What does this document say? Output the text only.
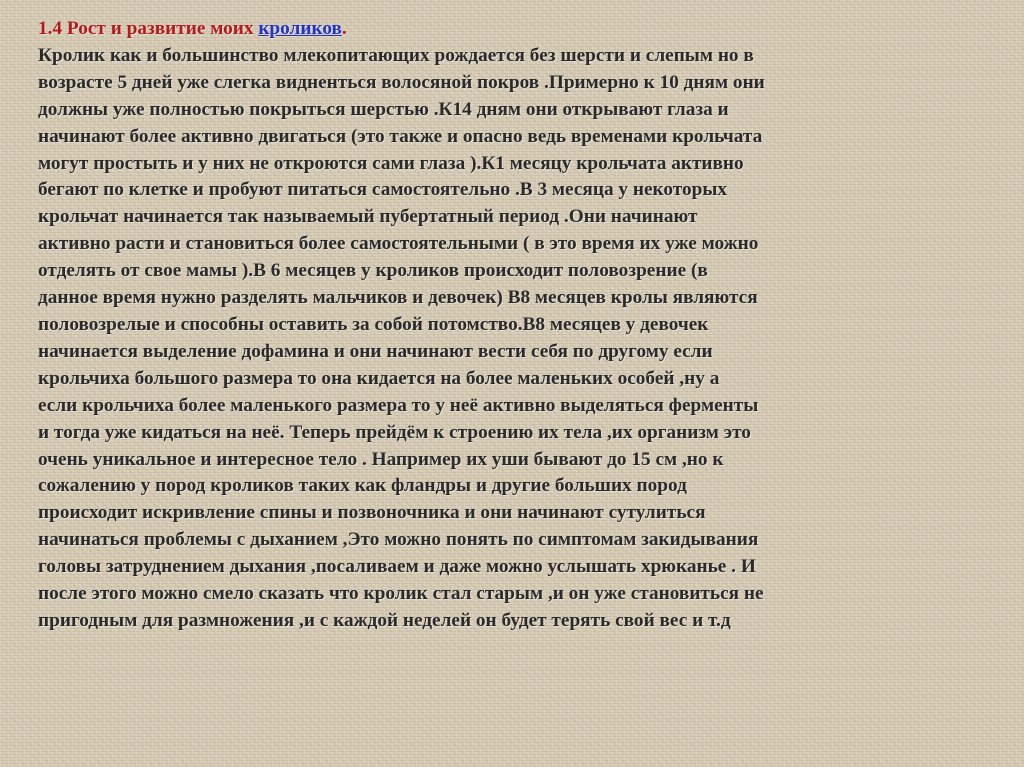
1.4 Рост и развитие моих кроликов.
Кролик как и большинство млекопитающих рождается без шерсти и слепым но в
возрасте 5 дней уже слегка видненться волосяной покров .Примерно к 10 дням они
должны уже полностью покрыться шерстью .К14 дням они открывают глаза и
начинают более активно двигаться (это также и опасно ведь временами крольчата
могут простыть и у них не откроются сами глаза ).К1 месяцу крольчата активно
бегают по клетке и пробуют питаться самостоятельно .В 3 месяца у некоторых
крольчат начинается так называемый пубертатный период .Они начинают
активно расти и становиться более самостоятельными ( в это время их уже можно
отделять от свое мамы ).В 6 месяцев у кроликов происходит половозрение (в
данное время нужно разделять мальчиков и девочек) В8 месяцев кролы являются
половозрелые и способны оставить за собой потомство.В8 месяцев у девочек
начинается выделение дофамина и они начинают вести себя по другому если
крольчиха большого размера то она кидается на более маленьких особей ,ну а
если крольчиха более маленького размера то у неё активно выделяться ферменты
и тогда уже кидаться на неё. Теперь прейдём к строению их тела ,их организм это
очень уникальное и интересное тело . Например их уши бывают до 15 см ,но к
сожалению у пород кроликов таких как фландры и другие больших пород
происходит искривление спины и позвоночника и они начинают сутулиться
начинаться проблемы с дыханием ,Это можно понять по симптомам закидывания
головы затруднением дыхания ,посаливаем и даже можно услышать хрюканье . И
после этого можно смело сказать что кролик стал старым ,и он уже становиться не
пригодным для размножения ,и с каждой неделей он будет терять свой вес и т.д
